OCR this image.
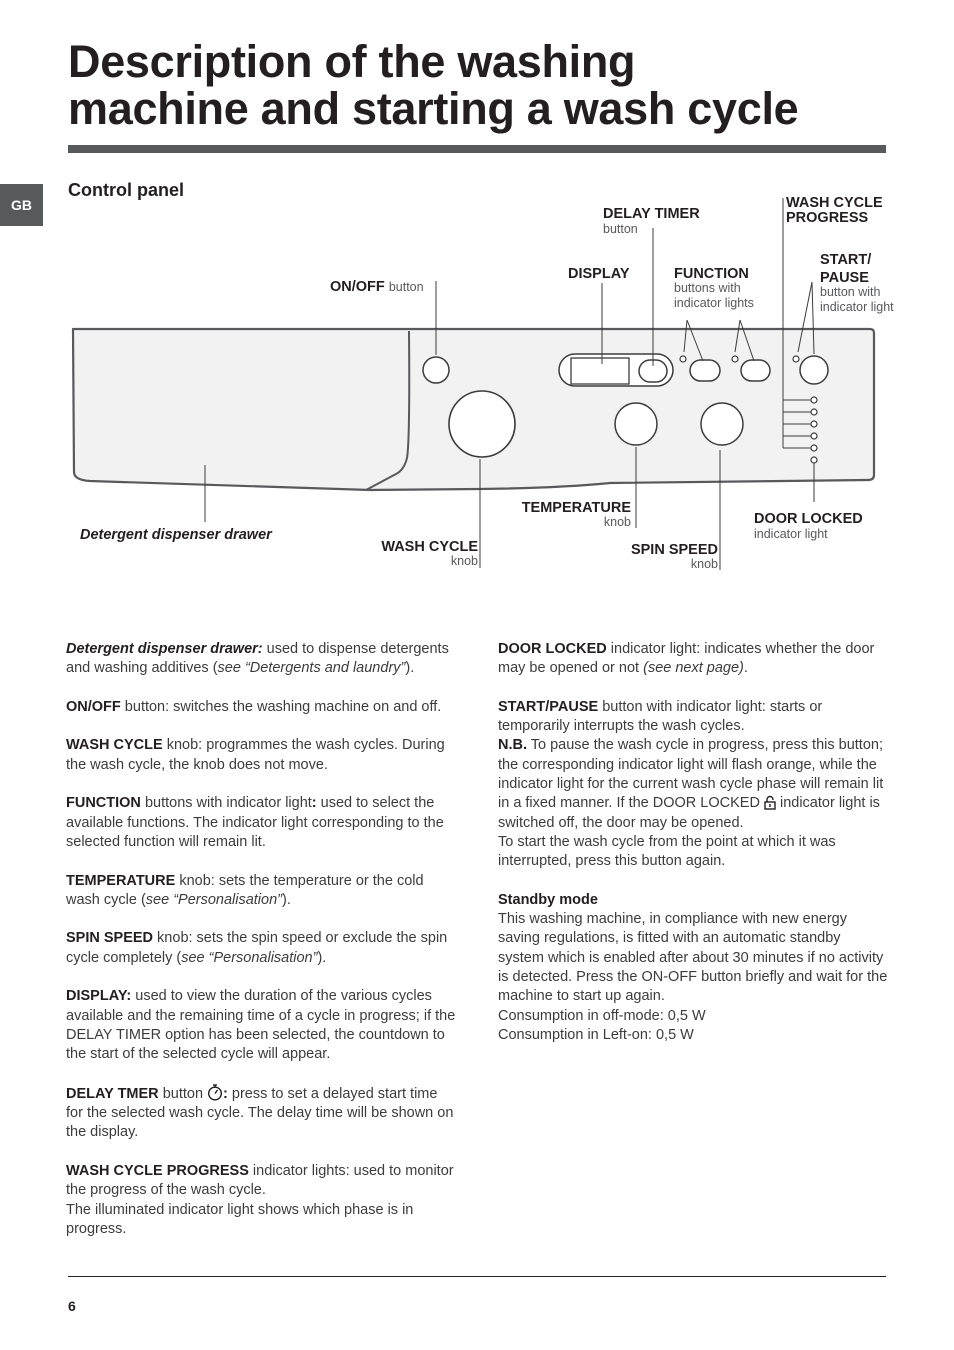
Description of the washing
machine and starting a wash cycle
GB
Control panel
ON/OFF button
DELAY TIMER
button
DISPLAY	FUNCTION
buttons with
indicator lights
WASH CYCLE
PROGRESS
START/
PAUSE
button with
indicator light
Detergent dispenser drawer
WASH CYCLE
knob
TEMPERATURE
knob
SPIN SPEED
knob
DOOR LOCKED
indicator light

Detergent dispenser drawer: used to dispense detergents and washing additives (see “Detergents and laundry”).

ON/OFF button: switches the washing machine on and off.

WASH CYCLE knob: programmes the wash cycles. During the wash cycle, the knob does not move.

FUNCTION buttons with indicator light: used to select the available functions. The indicator light corresponding to the selected function will remain lit.

TEMPERATURE knob: sets the temperature or the cold wash cycle (see “Personalisation”).

SPIN SPEED knob: sets the spin speed or exclude the spin cycle completely (see “Personalisation”).

DISPLAY: used to view the duration of the various cycles available and the remaining time of a cycle in progress; if the DELAY TIMER option has been selected, the countdown to the start of the selected cycle will appear.

DELAY TMER button : press to set a delayed start time for the selected wash cycle. The delay time will be shown on the display.

WASH CYCLE PROGRESS indicator lights: used to monitor the progress of the wash cycle.
The illuminated indicator light shows which phase is in progress.

DOOR LOCKED indicator light: indicates whether the door may be opened or not (see next page).

START/PAUSE button with indicator light: starts or temporarily interrupts the wash cycles.
N.B. To pause the wash cycle in progress, press this button; the corresponding indicator light will flash orange, while the indicator light for the current wash cycle phase will remain lit in a fixed manner. If the DOOR LOCKED  indicator light is switched off, the door may be opened.
To start the wash cycle from the point at which it was interrupted, press this button again.

Standby mode
This washing machine, in compliance with new energy saving regulations, is fitted with an automatic standby system which is enabled after about 30 minutes if no activity is detected. Press the ON-OFF button briefly and wait for the machine to start up again.
Consumption in off-mode: 0,5 W
Consumption in Left-on: 0,5 W

6
